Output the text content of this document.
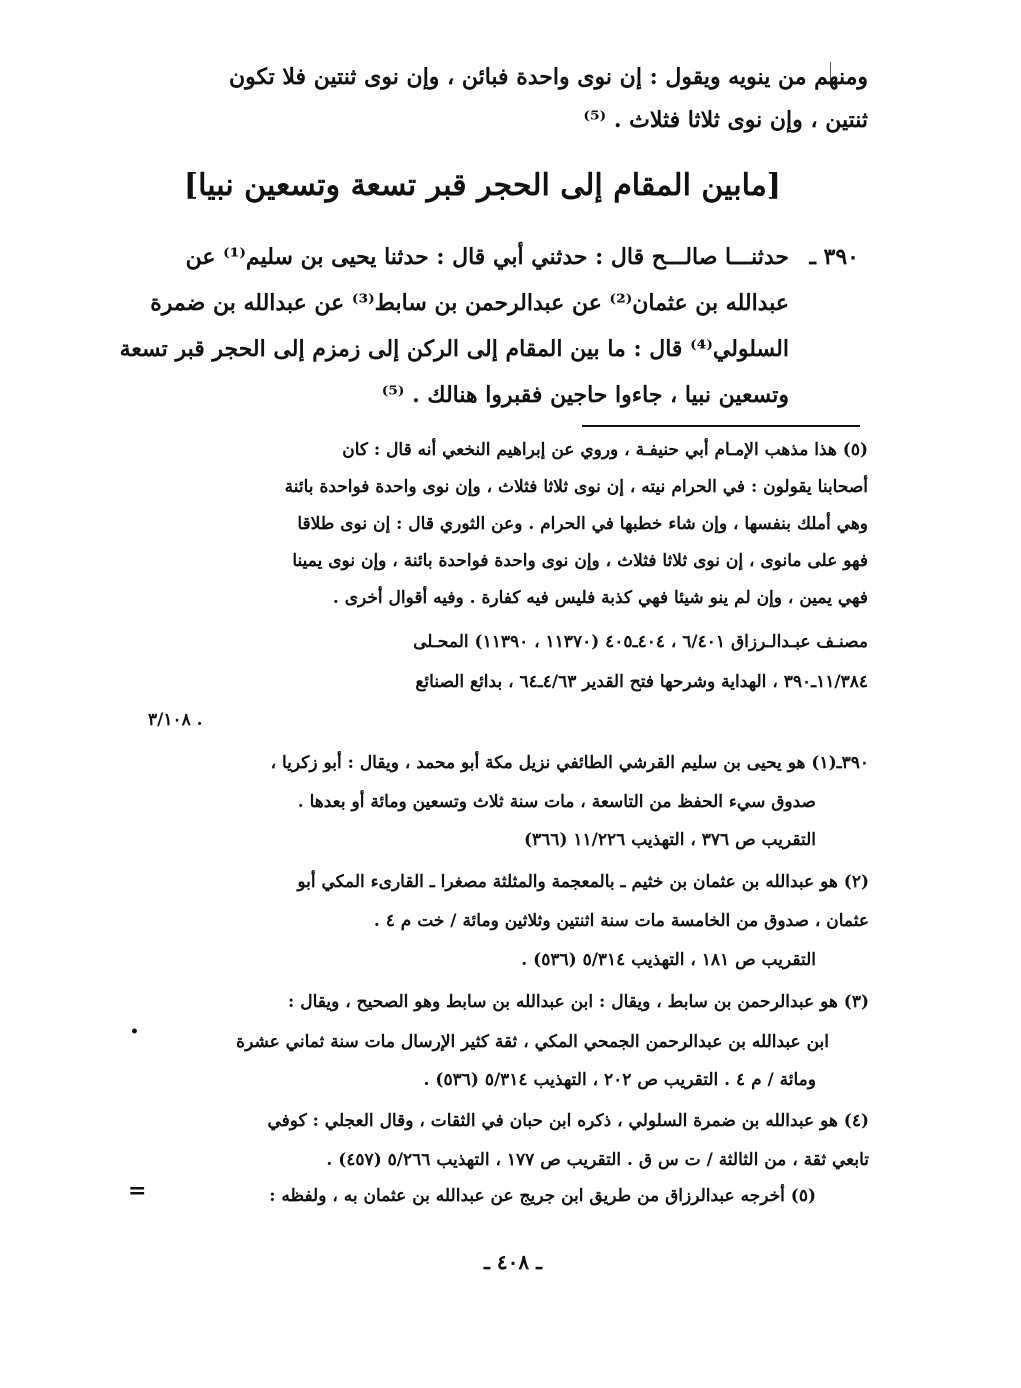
ومنهم من ينويه ويقول : إن نوى واحدة فبائن ، وإن نوى ثنتين فلا تكون
ثنتين ، وإن نوى ثلاثا فثلاث . ⁽⁵⁾
[مابين المقام إلى الحجر قبر تسعة وتسعين نبيا]
٣٩٠ ـ
حدثنـــا صالـــح قال : حدثني أبي قال : حدثنا يحيى بن سليم⁽¹⁾ عن
عبدالله بن عثمان⁽²⁾ عن عبدالرحمن بن سابط⁽³⁾ عن عبدالله بن ضمرة
السلولي⁽⁴⁾ قال : ما بين المقام إلى الركن إلى زمزم إلى الحجر قبر تسعة
وتسعين نبيا ، جاءوا حاجين فقبروا هنالك . ⁽⁵⁾
(٥) هذا مذهب الإمـام أبي حنيفـة ، وروي عن إبراهيم النخعي أنه قال : كان
أصحابنا يقولون : في الحرام نيته ، إن نوى ثلاثا فثلاث ، وإن نوى واحدة فواحدة بائنة
وهي أملك بنفسها ، وإن شاء خطبها في الحرام . وعن الثوري قال : إن نوى طلاقا
فهو على مانوى ، إن نوى ثلاثا فثلاث ، وإن نوى واحدة فواحدة بائنة ، وإن نوى يمينا
فهي يمين ، وإن لم ينو شيئا فهي كذبة فليس فيه كفارة . وفيه أقوال أخرى .
مصنـف عبـدالـرزاق ٦/٤٠١ ، ٤٠٤ـ٤٠٥ (١١٣٧٠ ، ١١٣٩٠) المحـلى
١١/٣٨٤ـ٣٩٠ ، الهداية وشرحها فتح القدير ٤/٦٣ـ٦٤ ، بدائع الصنائع
٣/١٠٨ .
٣٩٠ـ(١) هو يحيى بن سليم القرشي الطائفي نزيل مكة أبو محمد ، ويقال : أبو زكريا ،
صدوق سيء الحفظ من التاسعة ، مات سنة ثلاث وتسعين ومائة أو بعدها .
التقريب ص ٣٧٦ ، التهذيب ١١/٢٢٦ (٣٦٦)
(٢) هو عبدالله بن عثمان بن خثيم ـ بالمعجمة والمثلثة مصغرا ـ القارىء المكي أبو
عثمان ، صدوق من الخامسة مات سنة اثنتين وثلاثين ومائة / خت م ٤ .
التقريب ص ١٨١ ، التهذيب ٥/٣١٤ (٥٣٦) .
(٣) هو عبدالرحمن بن سابط ، ويقال : ابن عبدالله بن سابط وهو الصحيح ، ويقال :
ابن عبدالله بن عبدالرحمن الجمحي المكي ، ثقة كثير الإرسال مات سنة ثماني عشرة
ومائة / م ٤ . التقريب ص ٢٠٢ ، التهذيب ٥/٣١٤ (٥٣٦) .
(٤) هو عبدالله بن ضمرة السلولي ، ذكره ابن حبان في الثقات ، وقال العجلي : كوفي
تابعي ثقة ، من الثالثة / ت س ق . التقريب ص ١٧٧ ، التهذيب ٥/٢٦٦ (٤٥٧) .
(٥) أخرجه عبدالرزاق من طريق ابن جريج عن عبدالله بن عثمان به ، ولفظه :
=
•
ـ ٤٠٨ ـ
